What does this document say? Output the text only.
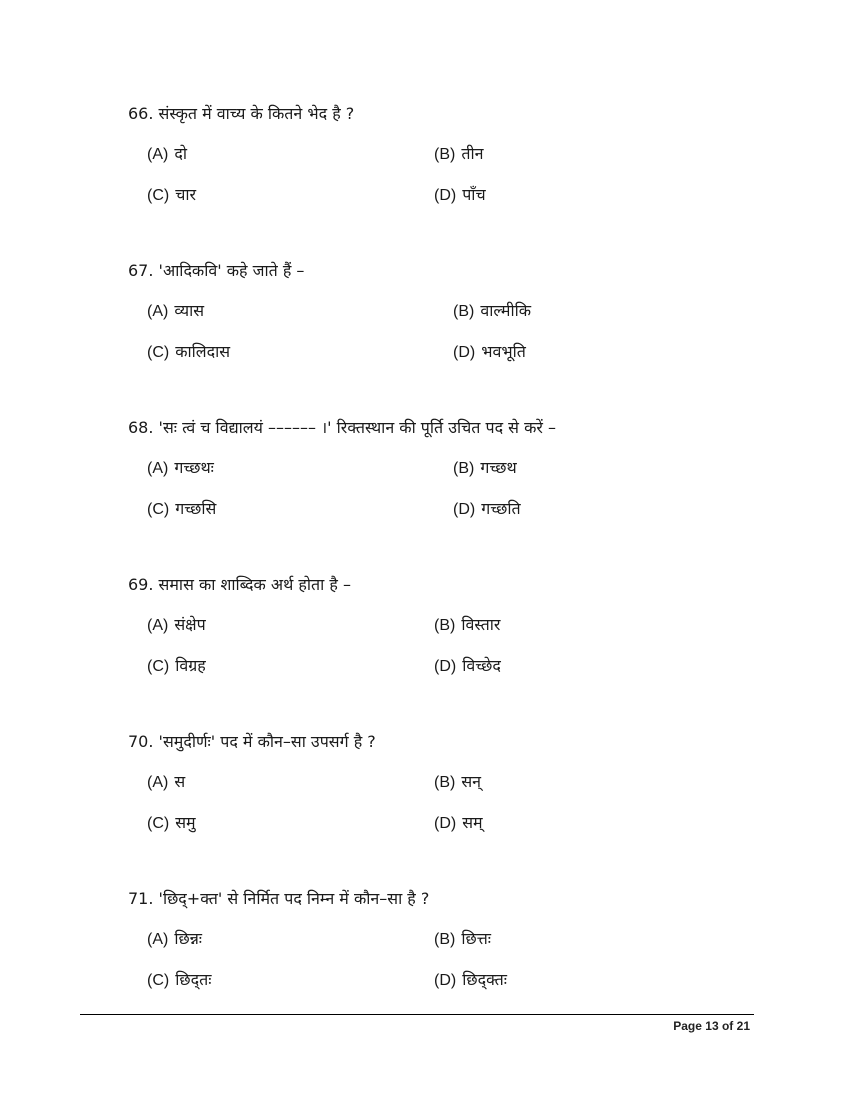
66. संस्कृत में वाच्य के कितने भेद है ?
(A) दो	(B) तीन
(C) चार	(D) पाँच
67. 'आदिकवि' कहे जाते हैं –
(A) व्यास	(B) वाल्मीकि
(C) कालिदास	(D) भवभूति
68. 'सः त्वं च विद्यालयं –––––– ।' रिक्तस्थान की पूर्ति उचित पद से करें –
(A) गच्छथः	(B) गच्छथ
(C) गच्छसि	(D) गच्छति
69. समास का शाब्दिक अर्थ होता है –
(A) संक्षेप	(B) विस्तार
(C) विग्रह	(D) विच्छेद
70. 'समुदीर्णः' पद में कौन–सा उपसर्ग है ?
(A) स	(B) सन्
(C) समु	(D) सम्
71. 'छिद्+क्त' से निर्मित पद निम्न में कौन–सा है ?
(A) छिन्नः	(B) छित्तः
(C) छिद्तः	(D) छिद्क्तः
Page 13 of 21
